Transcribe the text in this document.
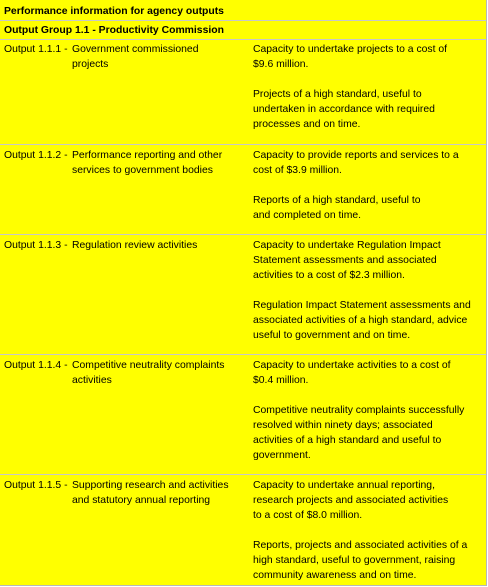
Performance information for agency outputs
Output Group 1.1 - Productivity Commission
Output 1.1.1 - Government commissioned
projects
Capacity to undertake projects to a cost of
$9.6 million.
Projects of a high standard, useful to
undertaken in accordance with required
processes and on time.
Output 1.1.2 - Performance reporting and other
services to government bodies
Capacity to provide reports and services to a
cost of $3.9 million.
Reports of a high standard, useful to
and completed on time.
Output 1.1.3 - Regulation review activities	Capacity to undertake Regulation Impact
Statement assessments and associated
activities to a cost of $2.3 million.
Regulation Impact Statement assessments and
associated activities of a high standard, advice
useful to government and on time.
Output 1.1.4 - Competitive neutrality complaints
activities
Capacity to undertake activities to a cost of
$0.4 million.
Competitive neutrality complaints successfully
resolved within ninety days; associated
activities of a high standard and useful to
government.
Output 1.1.5 - Supporting research and activities
and statutory annual reporting
Capacity to undertake annual reporting,
research projects and associated activities
to a cost of $8.0 million.
Reports, projects and associated activities of a
high standard, useful to government, raising
community awareness and on time.
